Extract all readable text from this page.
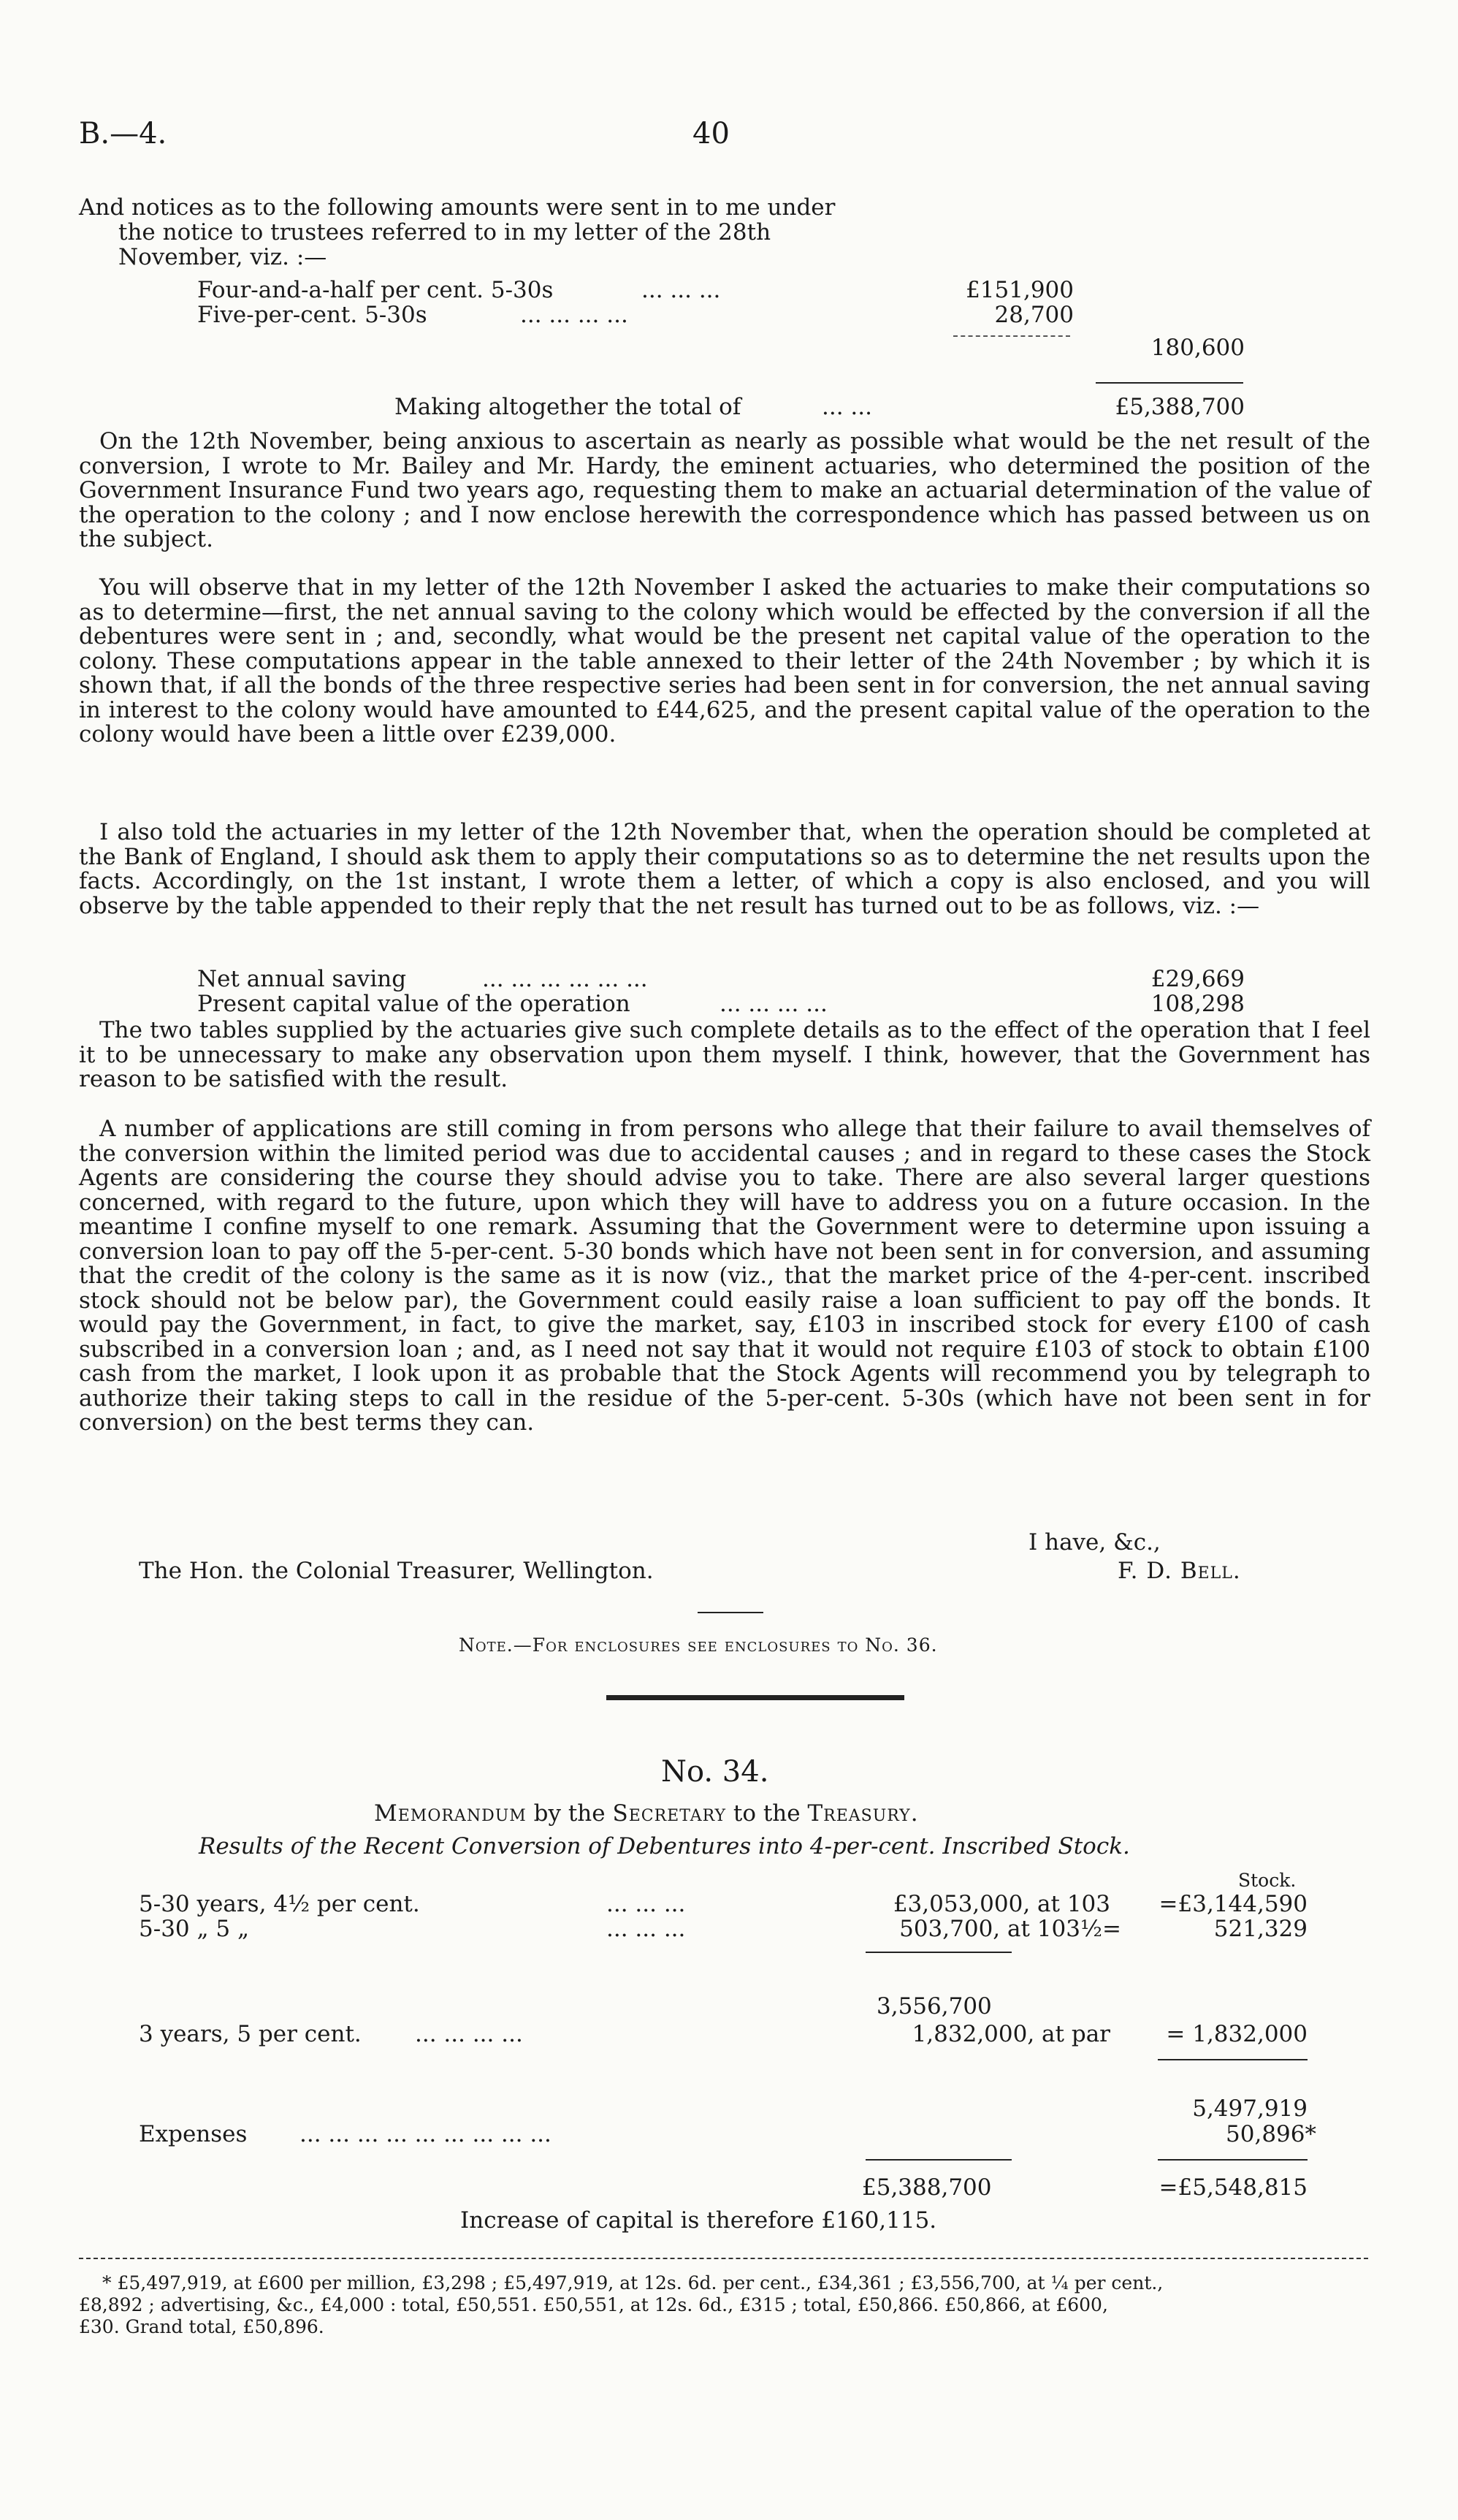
B.—4.	40
And notices as to the following amounts were sent in to me under
the notice to trustees referred to in my letter of the 28th
November, viz. :—
Four-and-a-half per cent. 5-30s	... ... ...	£151,900
Five-per-cent. 5-30s	... ... ... ...	28,700
180,600
Making altogether the total of	... ...	£5,388,700
On the 12th November, being anxious to ascertain as nearly as possible what would be the net result of the conversion, I wrote to Mr. Bailey and Mr. Hardy, the eminent actuaries, who determined the position of the Government Insurance Fund two years ago, requesting them to make an actuarial determination of the value of the operation to the colony ; and I now enclose herewith the correspondence which has passed between us on the subject.
You will observe that in my letter of the 12th November I asked the actuaries to make their computations so as to determine—first, the net annual saving to the colony which would be effected by the conversion if all the debentures were sent in ; and, secondly, what would be the present net capital value of the operation to the colony. These computations appear in the table annexed to their letter of the 24th November ; by which it is shown that, if all the bonds of the three respective series had been sent in for conversion, the net annual saving in interest to the colony would have amounted to £44,625, and the present capital value of the operation to the colony would have been a little over £239,000.
I also told the actuaries in my letter of the 12th November that, when the operation should be completed at the Bank of England, I should ask them to apply their computations so as to determine the net results upon the facts. Accordingly, on the 1st instant, I wrote them a letter, of which a copy is also enclosed, and you will observe by the table appended to their reply that the net result has turned out to be as follows, viz. :—
Net annual saving	... ... ... ... ... ...	£29,669
Present capital value of the operation	... ... ... ...	108,298
The two tables supplied by the actuaries give such complete details as to the effect of the operation that I feel it to be unnecessary to make any observation upon them myself. I think, however, that the Government has reason to be satisfied with the result.
A number of applications are still coming in from persons who allege that their failure to avail themselves of the conversion within the limited period was due to accidental causes ; and in regard to these cases the Stock Agents are considering the course they should advise you to take. There are also several larger questions concerned, with regard to the future, upon which they will have to address you on a future occasion. In the meantime I confine myself to one remark. Assuming that the Government were to determine upon issuing a conversion loan to pay off the 5-per-cent. 5-30 bonds which have not been sent in for conversion, and assuming that the credit of the colony is the same as it is now (viz., that the market price of the 4-per-cent. inscribed stock should not be below par), the Government could easily raise a loan sufficient to pay off the bonds. It would pay the Government, in fact, to give the market, say, £103 in inscribed stock for every £100 of cash subscribed in a conversion loan ; and, as I need not say that it would not require £103 of stock to obtain £100 cash from the market, I look upon it as probable that the Stock Agents will recommend you by telegraph to authorize their taking steps to call in the residue of the 5-per-cent. 5-30s (which have not been sent in for conversion) on the best terms they can.
I have, &c.,
The Hon. the Colonial Treasurer, Wellington.	F. D. Bell.
Note.—For enclosures see enclosures to No. 36.
No. 34.
Memorandum by the Secretary to the Treasury.
Results of the Recent Conversion of Debentures into 4-per-cent. Inscribed Stock.
Stock.
5-30 years, 4½ per cent.	... ... ...	£3,053,000, at 103	=£3,144,590
5-30 „ 5 „	... ... ...	503,700, at 103½=	521,329
3,556,700
3 years, 5 per cent. ... ... ... ...	1,832,000, at par	= 1,832,000
5,497,919
Expenses ... ... ... ... ... ... ... ... ...	50,896*
£5,388,700	=£5,548,815
Increase of capital is therefore £160,115.
* £5,497,919, at £600 per million, £3,298 ; £5,497,919, at 12s. 6d. per cent., £34,361 ; £3,556,700, at ¼ per cent.,
£8,892 ; advertising, &c., £4,000 : total, £50,551. £50,551, at 12s. 6d., £315 ; total, £50,866. £50,866, at £600,
£30. Grand total, £50,896.
